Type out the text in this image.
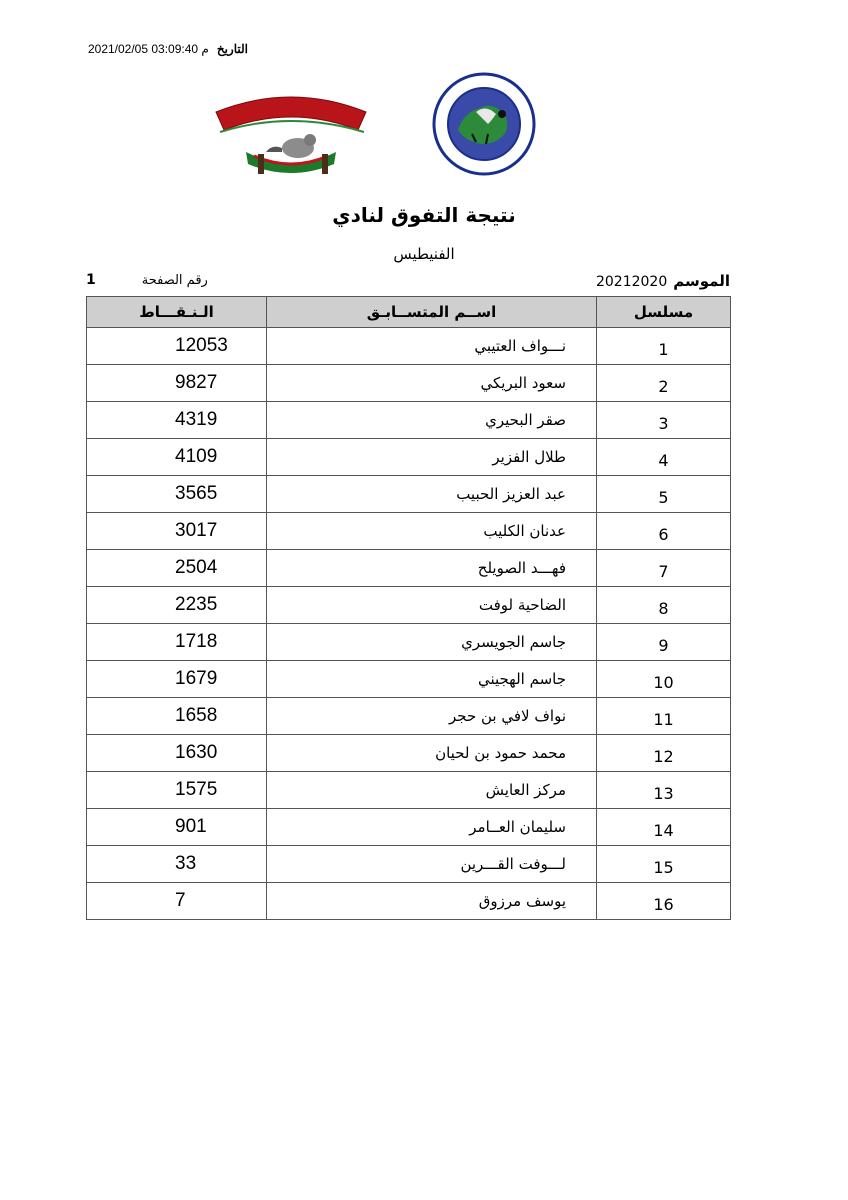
التاريخ2021/02/05 03:09:40 م
نتيجة التفوق لنادي
الفنيطيس
الموسم20212020
رقم الصفحة1
مسلسل	اســم المتســابـق	الـنـقـــاط
1	نـــواف العتيبي	12053
2	سعود البريكي	9827
3	صقر البحيري	4319
4	طلال الفزير	4109
5	عبد العزيز الحبيب	3565
6	عدنان الكليب	3017
7	فهـــد الصويلح	2504
8	الضاحية لوفت	2235
9	جاسم الجويسري	1718
10	جاسم الهجيني	1679
11	نواف لافي بن حجر	1658
12	محمد حمود بن لحيان	1630
13	مركز العايش	1575
14	سليمان العــامر	901
15	لـــوفت القـــرين	33
16	يوسف مرزوق	7
